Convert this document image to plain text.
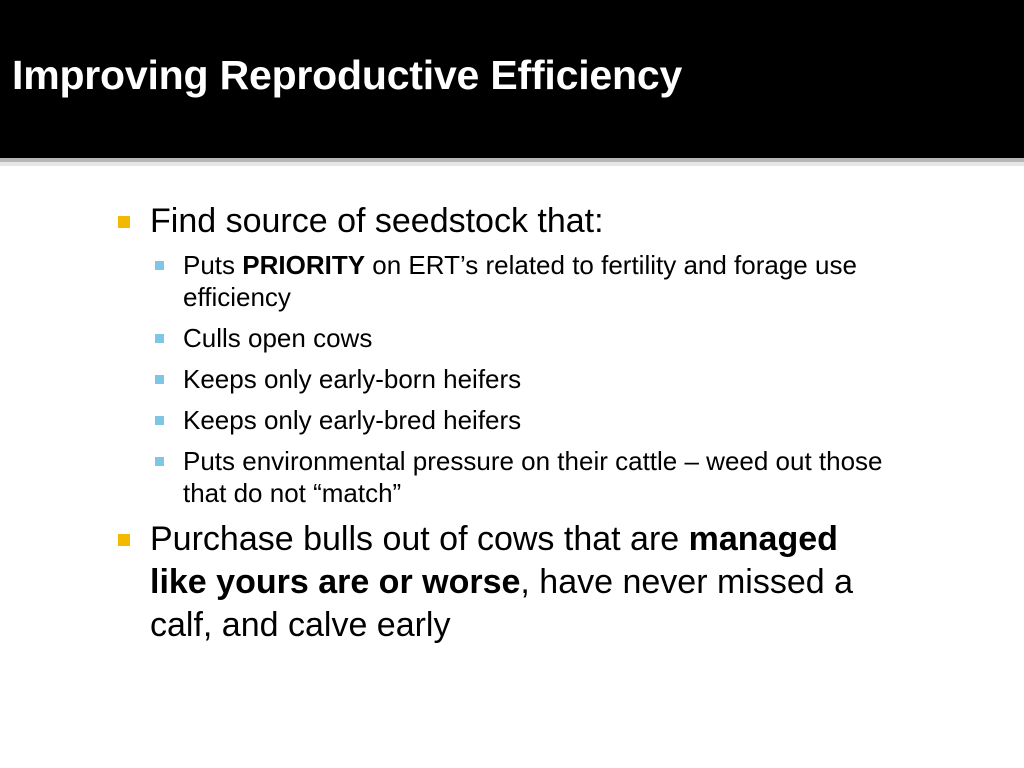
Improving Reproductive Efficiency
Find source of seedstock that:
Puts PRIORITY on ERT’s related to fertility and forage use efficiency
Culls open cows
Keeps only early-born heifers
Keeps only early-bred heifers
Puts environmental pressure on their cattle – weed out those that do not “match”
Purchase bulls out of cows that are managed like yours are or worse, have never missed a calf, and calve early
